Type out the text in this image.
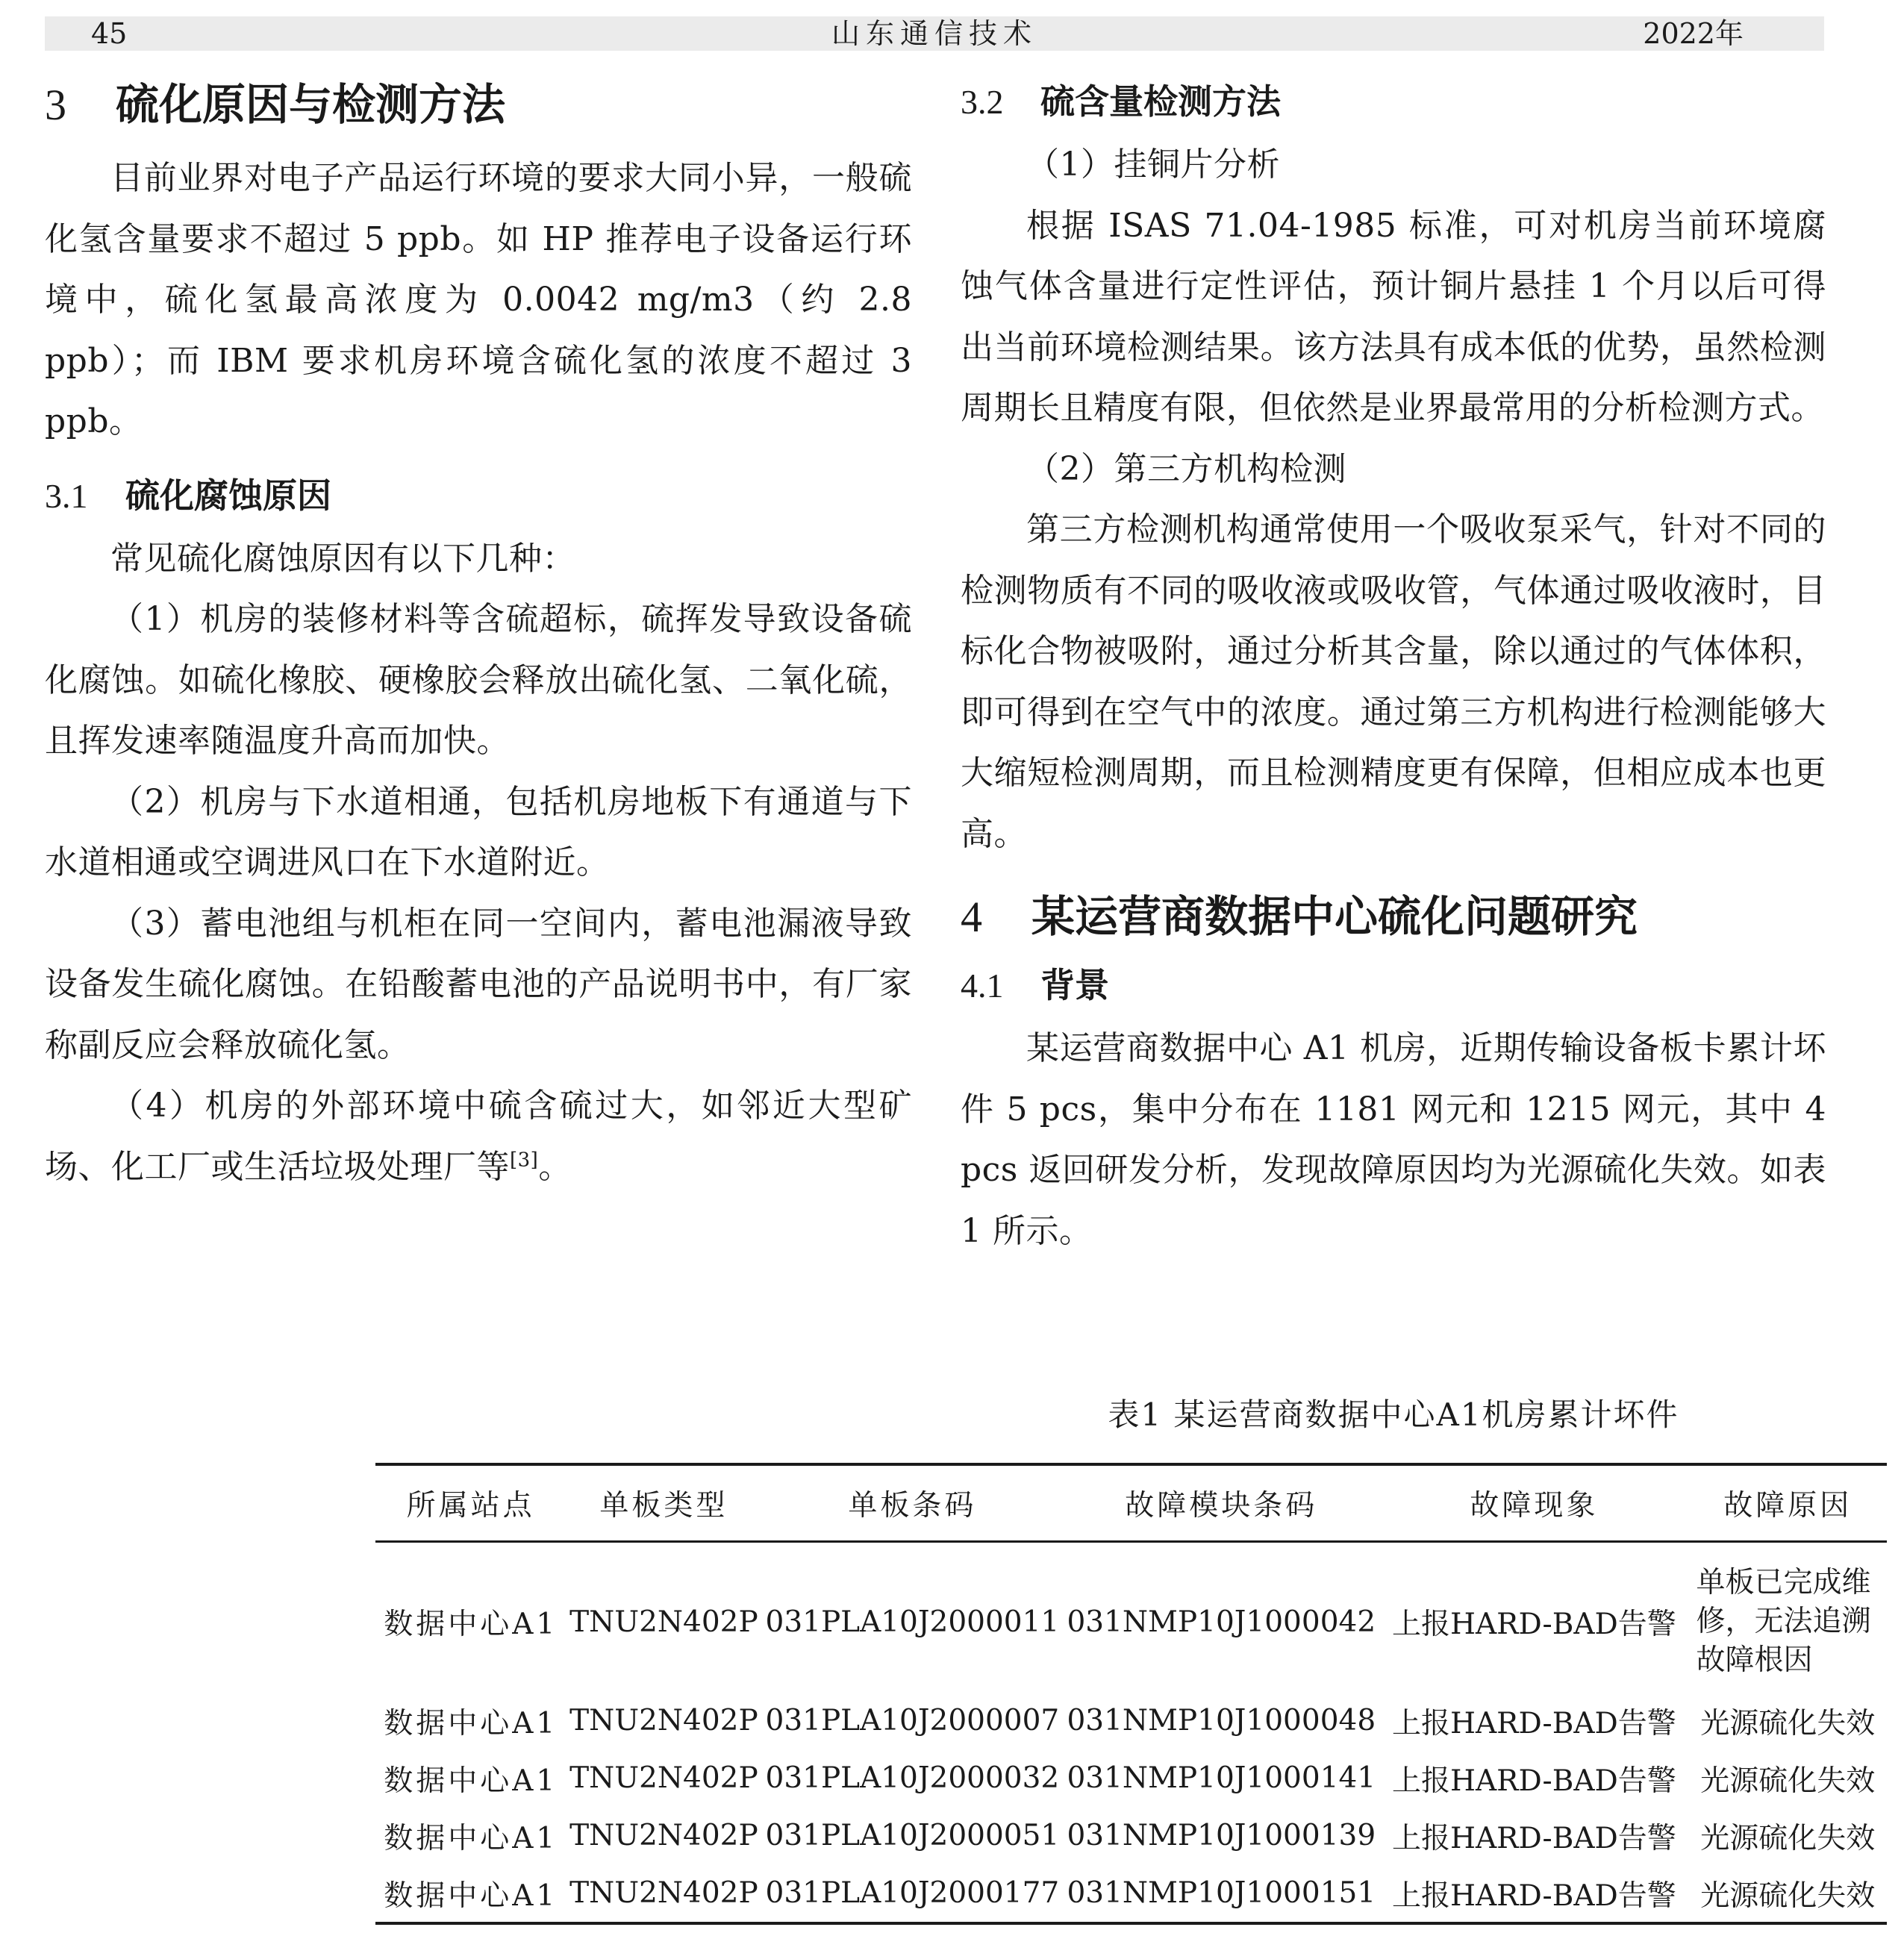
45	山东通信技术	2022年
3 硫化原因与检测方法
目前业界对电子产品运行环境的要求大同小异，一般硫化氢含量要求不超过 5 ppb。如 HP 推荐电子设备运行环境中，硫化氢最高浓度为 0.0042 mg/m3（约 2.8 ppb）；而 IBM 要求机房环境含硫化氢的浓度不超过 3 ppb。
3.1 硫化腐蚀原因
常见硫化腐蚀原因有以下几种：
（1）机房的装修材料等含硫超标，硫挥发导致设备硫化腐蚀。如硫化橡胶、硬橡胶会释放出硫化氢、二氧化硫，且挥发速率随温度升高而加快。
（2）机房与下水道相通，包括机房地板下有通道与下水道相通或空调进风口在下水道附近。
（3）蓄电池组与机柜在同一空间内，蓄电池漏液导致设备发生硫化腐蚀。在铅酸蓄电池的产品说明书中，有厂家称副反应会释放硫化氢。
（4）机房的外部环境中硫含硫过大，如邻近大型矿场、化工厂或生活垃圾处理厂等[3]。
3.2 硫含量检测方法
（1）挂铜片分析
根据 ISAS 71.04-1985 标准，可对机房当前环境腐蚀气体含量进行定性评估，预计铜片悬挂 1 个月以后可得出当前环境检测结果。该方法具有成本低的优势，虽然检测周期长且精度有限，但依然是业界最常用的分析检测方式。
（2）第三方机构检测
第三方检测机构通常使用一个吸收泵采气，针对不同的检测物质有不同的吸收液或吸收管，气体通过吸收液时，目标化合物被吸附，通过分析其含量，除以通过的气体体积，即可得到在空气中的浓度。通过第三方机构进行检测能够大大缩短检测周期，而且检测精度更有保障，但相应成本也更高。
4 某运营商数据中心硫化问题研究
4.1 背景
某运营商数据中心 A1 机房，近期传输设备板卡累计坏件 5 pcs，集中分布在 1181 网元和 1215 网元，其中 4 pcs 返回研发分析，发现故障原因均为光源硫化失效。如表 1 所示。
表1 某运营商数据中心A1机房累计坏件
所属站点	单板类型	单板条码	故障模块条码	故障现象	故障原因
数据中心A1	TNU2N402P	031PLA10J2000011	031NMP10J1000042	上报HARD-BAD告警	单板已完成维修，无法追溯故障根因
数据中心A1	TNU2N402P	031PLA10J2000007	031NMP10J1000048	上报HARD-BAD告警	光源硫化失效
数据中心A1	TNU2N402P	031PLA10J2000032	031NMP10J1000141	上报HARD-BAD告警	光源硫化失效
数据中心A1	TNU2N402P	031PLA10J2000051	031NMP10J1000139	上报HARD-BAD告警	光源硫化失效
数据中心A1	TNU2N402P	031PLA10J2000177	031NMP10J1000151	上报HARD-BAD告警	光源硫化失效
